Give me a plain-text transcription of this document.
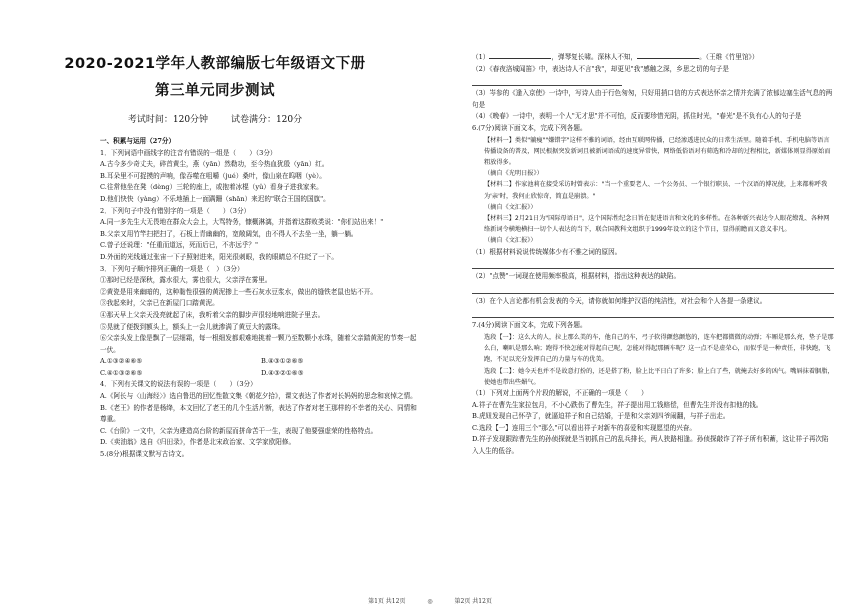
2020-2021学年人教部编版七年级语文下册
第三单元同步测试
考试时间：120分钟	试卷满分：120分
一、积累与运用（27分）
1．下列词语中画线字的注音有错误的一组是（　　）（3分）
A.古今多少奇丈夫，碎首黄尘，燕（yān）然勒功，至今热血犹殷（yān）红。
B.耳朵里不可捉摸的声响，像吞噬在咀嚼（jué）桑叶，像山泉在呜咽（yè）。
C.往常他坐在凳（dèng）三轮的座上，或抱着冰棍（yǔ）看身子进我家来。
D.他们快快（yàng）不乐地插上一面蹒跚（shān）来迟的"联合王国的国旗"。
2．下列句子中没有错别字的一项是（　　）（3分）
A.同一多先生大无畏地在群众大会上，大骂特务，慷概淋漓，并指着这群败类说："你们站出来！"
B.父亲又用竹竿扫把扫了，石板上青幽幽的，宽敞阔気，由不得人不去坐一坐，躺一躺。
C.曾子还说理："任重而道远，死而后已，不亦远乎？"
D.外面的光线通过张宙一下子照射进来，阳光很刺眼，我的眼睛总不住眨了一下。
3．下列句子顺序排列正确的一项是（　）（3分）
①那时已经是深秋，露水很大，雾也很大，父亲浮在雾里。
②黄瓷是用来幽暗的，这种黏性很强的黄泥掺上一些石灰水豆浆水，做出的缝铁老鼠也钻不开。
③我起来时，父亲已在新屋门口踏黄泥。
④那天早上父亲天没亮就起了床，我听着父亲的脚步声很轻地响进院子里去。
⑤晃就了便拨到额头上，额头上一会儿就渗满了黄豆大的露珠。
⑥父亲头发上像是飘了一层细霜，每一根细发都艰难地挑着一颗乃至数颗小水珠，随着父亲踏黄泥的节奏一起一伏。
A.①③②④⑥⑤	B.④③①②⑥⑤
C.④①③②⑥⑤	D.④③②①⑥⑤
4．下列有关课文的说法有误的一项是（　　）（3分）
A.《阿长与〈山海经〉》选自鲁迅的回忆性散文集《朝花夕拾》，课文表达了作者对长妈妈的思念和哀悼之情。
B.《老王》的作者是杨绛，本文回忆了老王的几个生活片断，表达了作者对老王那样的不幸者的关心、同情和尊重。
C.《台阶》一文中，父亲为建造高台阶的新屋而拼命苦干一生，表现了他要强虚荣的性格特点。
D.《卖油翁》选自《归田录》，作者是北宋政治家、文学家欧阳修。
5.(8分)根据课文默写古诗文。
（1）	，弹琴复长啸。深林人不知，	。（王维《竹里馆》）
（2）《春夜洛城闻笛》中，表达诗人不言"我"，却更见"我"感触之深，乡思之切的句子是
（3）岑参的《逢入京使》一诗中，写诗人由于行色匆匆，只好用捎口信的方式表达怀亲之情并充满了浓郁边塞生活气息的两句是
（4）《晚春》一诗中，表明一个人"无才思"并不可怕，反而要珍惜光阴，抓住时光，"春光"是不负有心人的句子是
6.(7分)阅读下面文本，完成下列各题。
【材料一】类似"躺瘦""嫌错字"这样不雅的词语，经由互联网传播，已经渗透进民众的日常生活里。随着手机、手机电脑等语言传播设备的普及，网民根据突发新词且被新词语成的速度异常快，网络低俗语对有筛选和冷却的过程相比，新媒体则显得原始而粗放得多。
（摘自《光明日报》）
【材料二】作家池莉在接受采访时曾表示："当一个重要老人、一个公务员、一个银行职员、一个汉语的博况使，上来都称呼我为'亲'时，我何止欣惊奇，简直是崩溃。"
（摘自《文汇报》）
【材料三】2月21日为"国际母语日"，这个国际性纪念日旨在促进语言和文化的多样性。在各种新兴表达令人眼花缭乱、各种网络新词令横地横扫一切个人表达的当下，联合国教科文组织于1999年设立的这个节日，显得前瞻而又意义非凡。
（摘自《文汇报》）
（1）根据材料说说传统媒体少有不雅之词的原因。
（2）"点赞"一词现在使用频率极高，根据材料，指出这种表达的缺陷。
（3）在个人言论都有机会发表的今天，请你就如何维护汉语的纯洁性，对社会和个人各提一条建议。
7.(4分)阅读下面文本，完成下列各题。
选段【一】：这么大的人，拉上那么美的车，他自己的车，弓子软得颤悠颤悠的，连车把都微微的动弹；车厢是那么亮，垫子是那么白，喇叭是那么响；跑得不快怎能对得起自己呢，怎能对得起那辆车呢？这一点不是虚荣心，而似乎是一种责任，非快跑，飞跑，不足以充分发挥自己的力量与车的优美。
选段【二】：她今天也并不是故意打扮的，还是搭了粉，脸上比平日白了许多；脸上白了些，就掩去好多的凶气。嘴唇抹着胭脂，使她也带出些媚气。
（1）下列对上面两个片段的解说，不正确的一项是（　　）
A.祥子在曹先生家拉包月，不小心跌伤了曹先生，祥子提出用工钱赔偿，但曹先生并没有扣他的钱。
B.虎妞发现自己怀孕了，就逼迫祥子和自己结婚，于是和父亲刘四爷闹翻，与祥子出走。
C.选段【一】连用三个"那么"可以看出祥子对新车的喜爱和实现愿望的兴奋。
D.祥子发现跟踪曹先生的孙侦探就是当初抓自己的乱兵排长，两人狭路相逢。孙侦探敲诈了祥子所有积蓄，这让祥子再次陷入人生的低谷。
第1页 共12页	◎	第2页 共12页
